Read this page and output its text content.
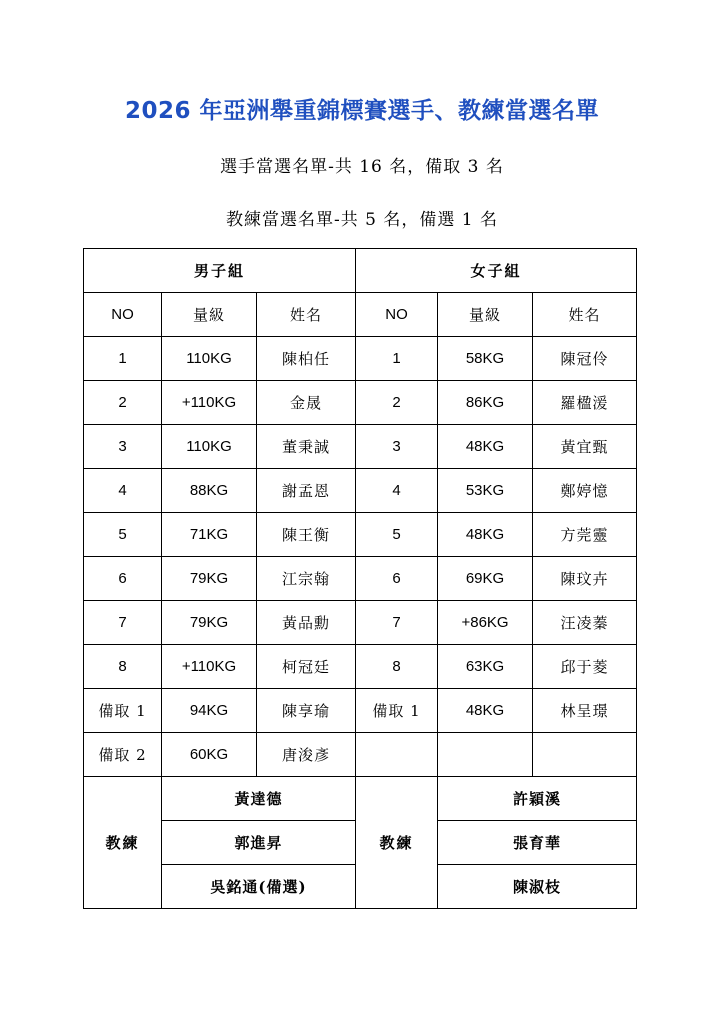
2026 年亞洲舉重錦標賽選手、教練當選名單
選手當選名單-共 16 名，備取 3 名
教練當選名單-共 5 名，備選 1 名
男子組			女子組		
NO	量級	姓名	NO	量級	姓名
1	110KG	陳柏任	1	58KG	陳冠伶
2	+110KG	金晟	2	86KG	羅楹湲
3	110KG	董秉誠	3	48KG	黃宜甄
4	88KG	謝孟恩	4	53KG	鄭婷憶
5	71KG	陳王衡	5	48KG	方莞靈
6	79KG	江宗翰	6	69KG	陳玟卉
7	79KG	黃品勳	7	+86KG	汪凌蓁
8	+110KG	柯冠廷	8	63KG	邱于菱
備取 1	94KG	陳享瑜	備取 1	48KG	林呈璟
備取 2	60KG	唐浚彥			
教練	黃達德		教練	許穎溪	
	郭進昇			張育華	
	吳銘通(備選)			陳淑枝	
